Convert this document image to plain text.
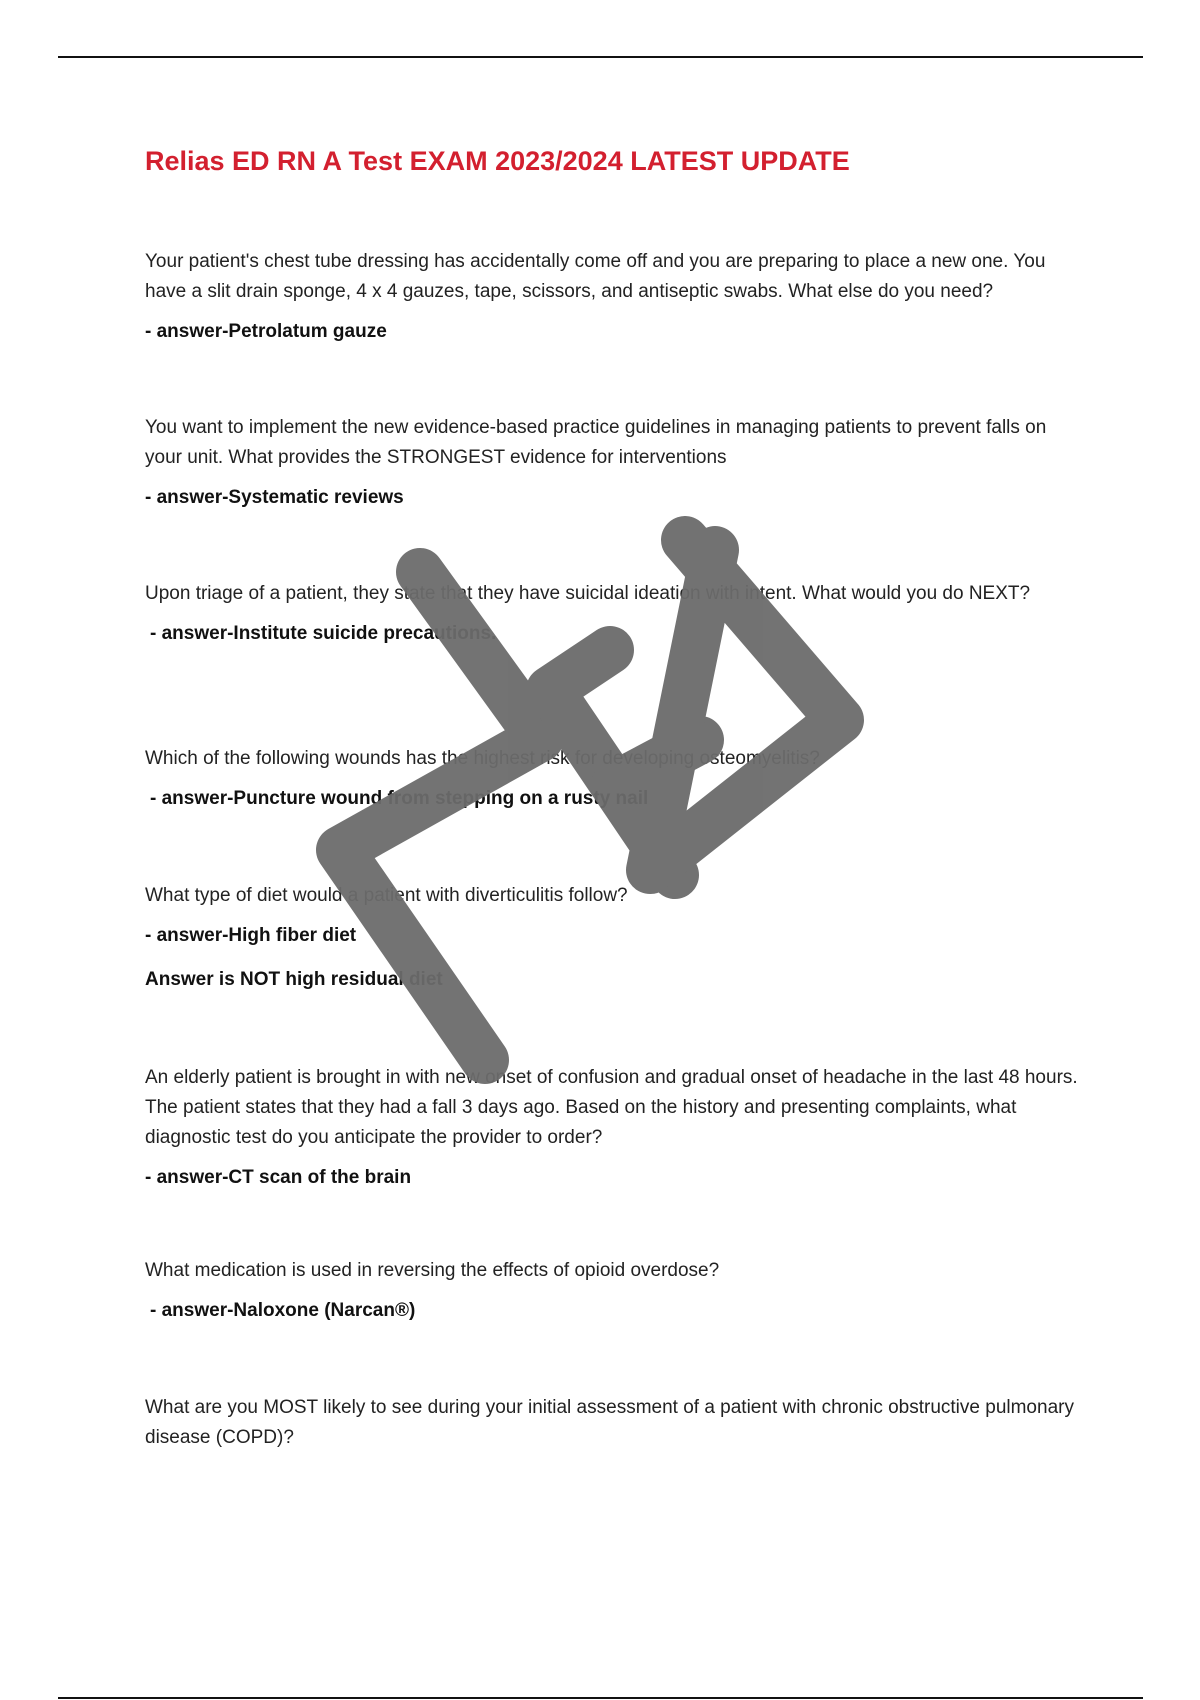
Relias ED RN A Test EXAM 2023/2024 LATEST UPDATE

Your patient's chest tube dressing has accidentally come off and you are preparing to place a new one. You have a slit drain sponge, 4 x 4 gauzes, tape, scissors, and antiseptic swabs. What else do you need?

- answer-Petrolatum gauze

You want to implement the new evidence-based practice guidelines in managing patients to prevent falls on your unit. What provides the STRONGEST evidence for interventions

- answer-Systematic reviews

Upon triage of a patient, they state that they have suicidal ideation with intent. What would you do NEXT?

- answer-Institute suicide precautions.

Which of the following wounds has the highest risk for developing osteomyelitis?

- answer-Puncture wound from stepping on a rusty nail

What type of diet would a patient with diverticulitis follow?

- answer-High fiber diet

Answer is NOT high residual diet

An elderly patient is brought in with new onset of confusion and gradual onset of headache in the last 48 hours. The patient states that they had a fall 3 days ago. Based on the history and presenting complaints, what diagnostic test do you anticipate the provider to order?

- answer-CT scan of the brain

What medication is used in reversing the effects of opioid overdose?

- answer-Naloxone (Narcan®)

What are you MOST likely to see during your initial assessment of a patient with chronic obstructive pulmonary disease (COPD)?

NEW
